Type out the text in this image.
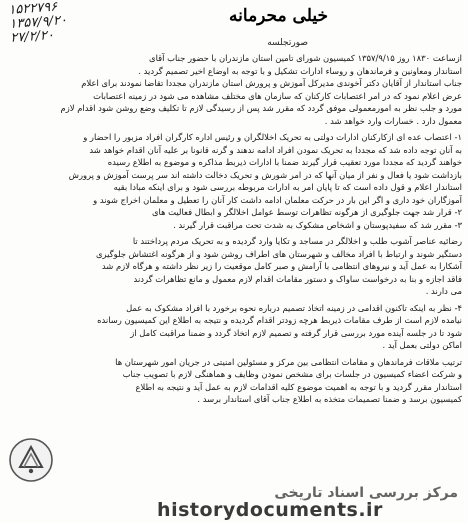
۱۵۲۲۷۹۶
۱۳۵۷/۹/۲۰
۲۷/۲/۲۰
خیلی محرمانه
صورتجلسه

ازساعت ۱۸۳۰ روز ۱۳۵۷/۹/۱۵ کمیسیون شورای تامین استان مازندران با حضور جناب آقای
استاندار ومعاونین و فرماندهان و روساء ادارات تشکیل و با توجه به اوضاع اخیر تصمیم گردید .
جناب استاندار از آقایان دکتر آخوندی مدیرکل آموزش و پرورش استان مازندران مجددا تقاضا نمودند برای اعلام
عرض اعلام نمود که در امر اعتصابات کارکنان که سازمان های مختلف مشاهده می شود در زمینه اعتصابات
مورد و جلب نظر به امورمعمولی موفق گردد که مقرر شد پس از رسیدگی لازم تا تکلیف وضع روشن شود اقدام لازم
معمول دارد . خسارات وارد خواهد شد .

۱- اعتصاب عده ای ازکارکنان ادارات دولتی به تحریک اخلالگران و رئیس اداره کارگران افراد مزبور را احضار و
به آنان توجه داده شد که مجددا به تحریک نمودن افراد ادامه ندهند و گرنه قانونا بر علیه آنان اقدام خواهد شد
خواهند گردید که مجددا مورد تعقیب قرار گیرند ضمنا با ادارات ذیربط مذاکره و موضوع به اطلاع رسیده
بازداشت شود یا فعال و نفر از میان آنها که در امر شورش و تحریک دخالت داشته اند سر پرست آموزش و پرورش
استاندار اعلام و قول داده است که تا پایان امر به ادارات مربوطه بررسی شود و برای اینکه مبادا بقیه
آموزگاران خود داری و اگر این بار در حرکت معلمان ادامه داشت کار آنان را تعطیل و معلمان اخراج شوند و
۲- قرار شد جهت جلوگیری از هرگونه تظاهرات توسط عوامل اخلالگر و ابطال فعالیت های
۳- مقرر شد که سفیدپوستان و اشخاص مشکوک به شدت تحت مراقبت قرار گیرند .

رضائیه عناصر آشوب طلب و اخلالگر در مساجد و تکایا وارد گردیده و به تحریک مردم پرداختند تا
دستگیر شوند و ارتباط با افراد مخالف و شهرستان های اطراف روشن شود و از هرگونه اغتشاش جلوگیری
آشکارا به عمل آید و نیروهای انتظامی با آرامش و صبر کامل موقعیت را زیر نظر داشته و هرگاه لازم شد
فاقد اجازه و بنا به درخواست ساواک و دستور مقامات اقدام لازم معمول و مانع تظاهرات گردند
می دارند .

۴- نظر به اینکه تاکنون اقدامی در زمینه اتخاذ تصمیم درباره نحوه برخورد با افراد مشکوک به عمل
نیامده لازم است از طرف مقامات ذیربط هرچه زودتر اقدام گردیده و نتیجه به اطلاع این کمیسیون رسانده
شود تا در جلسه آینده مورد بررسی قرار گرفته و تصمیم لازم اتخاذ گردد و ضمنا مراقبت کامل از
اماکن دولتی بعمل آید .

ترتیب ملاقات فرماندهان و مقامات انتظامی بین مرکز و مسئولین امنیتی در جریان امور شهرستان ها
و شرکت اعضاء کمیسیون در جلسات برای مشخص نمودن وظایف و هماهنگی لازم با تصویب جناب
استاندار مقرر گردید و با توجه به اهمیت موضوع کلیه اقدامات لازم به عمل آید و نتیجه به اطلاع
کمیسیون برسد و ضمنا تصمیمات متخذه به اطلاع جناب آقای استاندار برسد .

مرکز بررسی اسناد تاریخی
historydocuments.ir
